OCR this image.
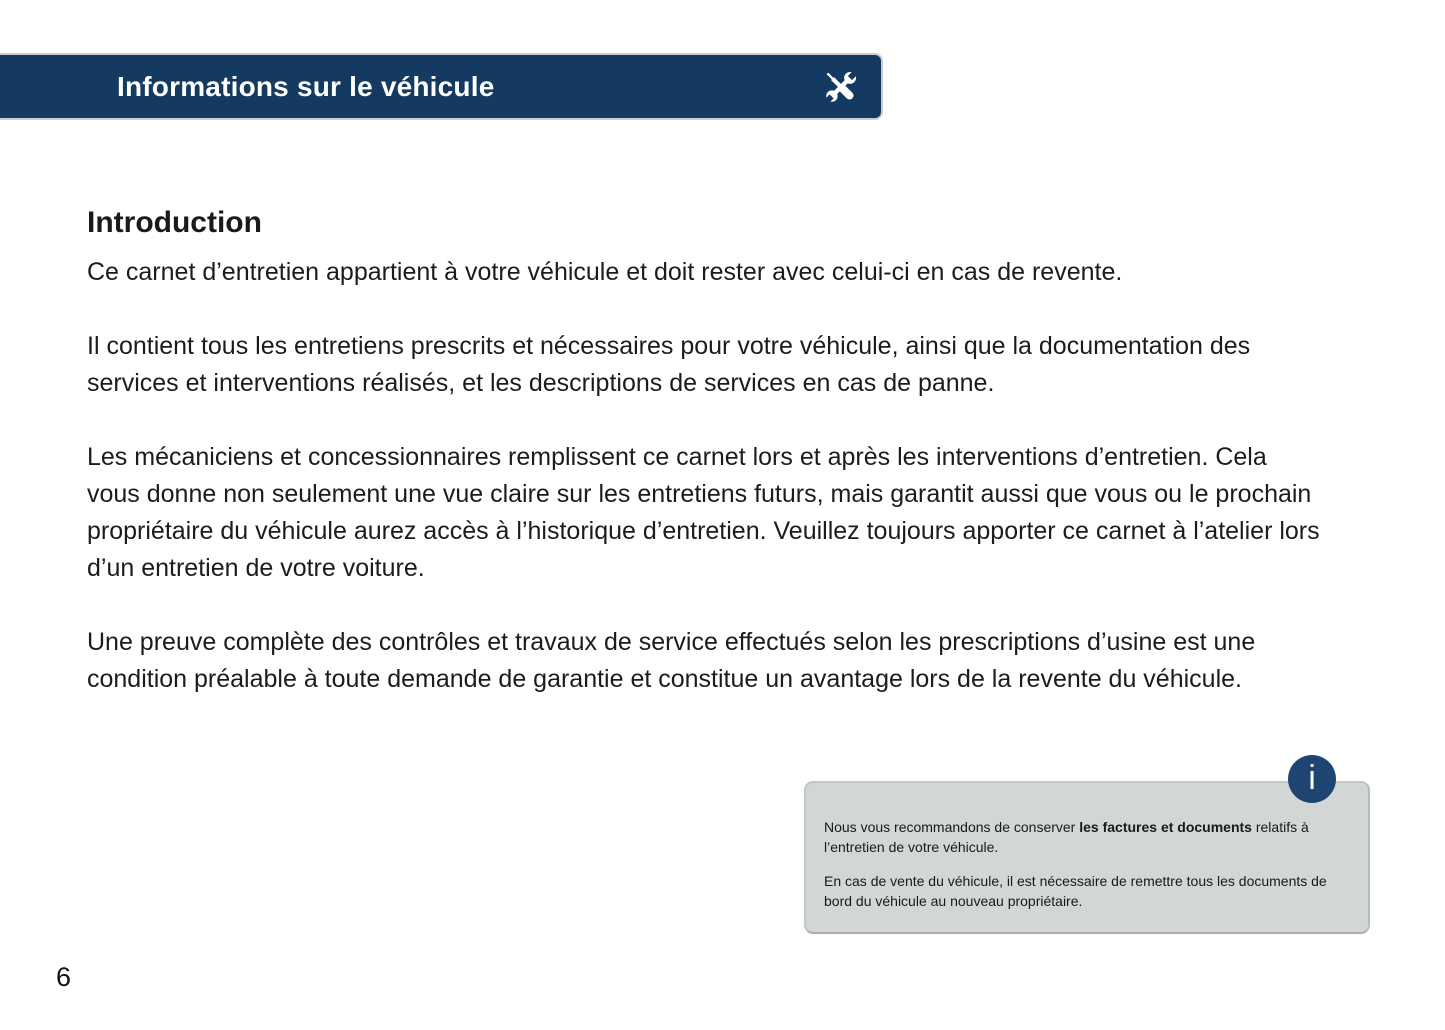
Informations sur le véhicule
Introduction

Ce carnet d’entretien appartient à votre véhicule et doit rester avec celui-ci en cas de revente.

Il contient tous les entretiens prescrits et nécessaires pour votre véhicule, ainsi que la documentation des services et interventions réalisés, et les descriptions de services en cas de panne.

Les mécaniciens et concessionnaires remplissent ce carnet lors et après les interventions d’entretien. Cela vous donne non seulement une vue claire sur les entretiens futurs, mais garantit aussi que vous ou le prochain propriétaire du véhicule aurez accès à l’historique d’entretien. Veuillez toujours apporter ce carnet à l’atelier lors d’un entretien de votre voiture.

Une preuve complète des contrôles et travaux de service effectués selon les prescriptions d’usine est une condition préalable à toute demande de garantie et constitue un avantage lors de la revente du véhicule.

Nous vous recommandons de conserver les factures et documents relatifs à l’entretien de votre véhicule.

En cas de vente du véhicule, il est nécessaire de remettre tous les documents de bord du véhicule au nouveau propriétaire.

i
6
